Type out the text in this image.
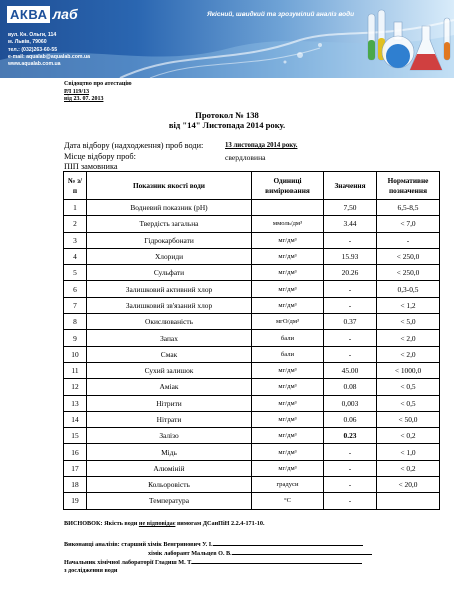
АКВА лаб	Якісний, швидкий та зрозумілий аналіз води
вул. Кн. Ольги, 114
м. Львів, 79060
тел.: (032)263-60-55
e-mail: aqualab@aqualab.com.ua
www.aqualab.com.ua
Свідоцтво про атестацію
РЛ 119/13
від 23. 07. 2013
Протокол № 138
від "14" Листопада 2014 року.
Дата відбору (надходження) проб води:	13 листопада 2014 року.
Місце відбору проб:	свердловина
ПІП замовника
№ з/п	Показник якості води	Одиниці вимірювання	Значення	Нормативне позначення
1	Водневий показник (pH)		7,50	6,5-8,5
2	Твердість загальна	ммоль/дм³	3.44	< 7,0
3	Гідрокарбонати	мг/дм³	-	-
4	Хлориди	мг/дм³	15.93	< 250,0
5	Сульфати	мг/дм³	20.26	< 250,0
6	Залишковий активний хлор	мг/дм³	-	0,3-0,5
7	Залишковий зв'язаний хлор	мг/дм³	-	< 1,2
8	Окислюваність	мгО/дм³	0.37	< 5,0
9	Запах	бали	-	< 2,0
10	Смак	бали	-	< 2,0
11	Сухий залишок	мг/дм³	45.00	< 1000,0
12	Аміак	мг/дм³	0.08	< 0,5
13	Нітрити	мг/дм³	0,003	< 0,5
14	Нітрати	мг/дм³	0.06	< 50,0
15	Залізо	мг/дм³	0.23	< 0,2
16	Мідь	мг/дм³	-	< 1,0
17	Алюміній	мг/дм³	-	< 0,2
18	Кольоровість	градуси	-	< 20,0
19	Температура	°С	-	
ВИСНОВОК: Якість води не відповідає вимогам ДСанПіН 2.2.4-171-10.
Виконавці аналізів: старший хімік Венгринович У. І.
хімік лаборант Мальцев О. В.
Начальник хімічної лабораторії Гладиш М. Т.
з дослідження води
